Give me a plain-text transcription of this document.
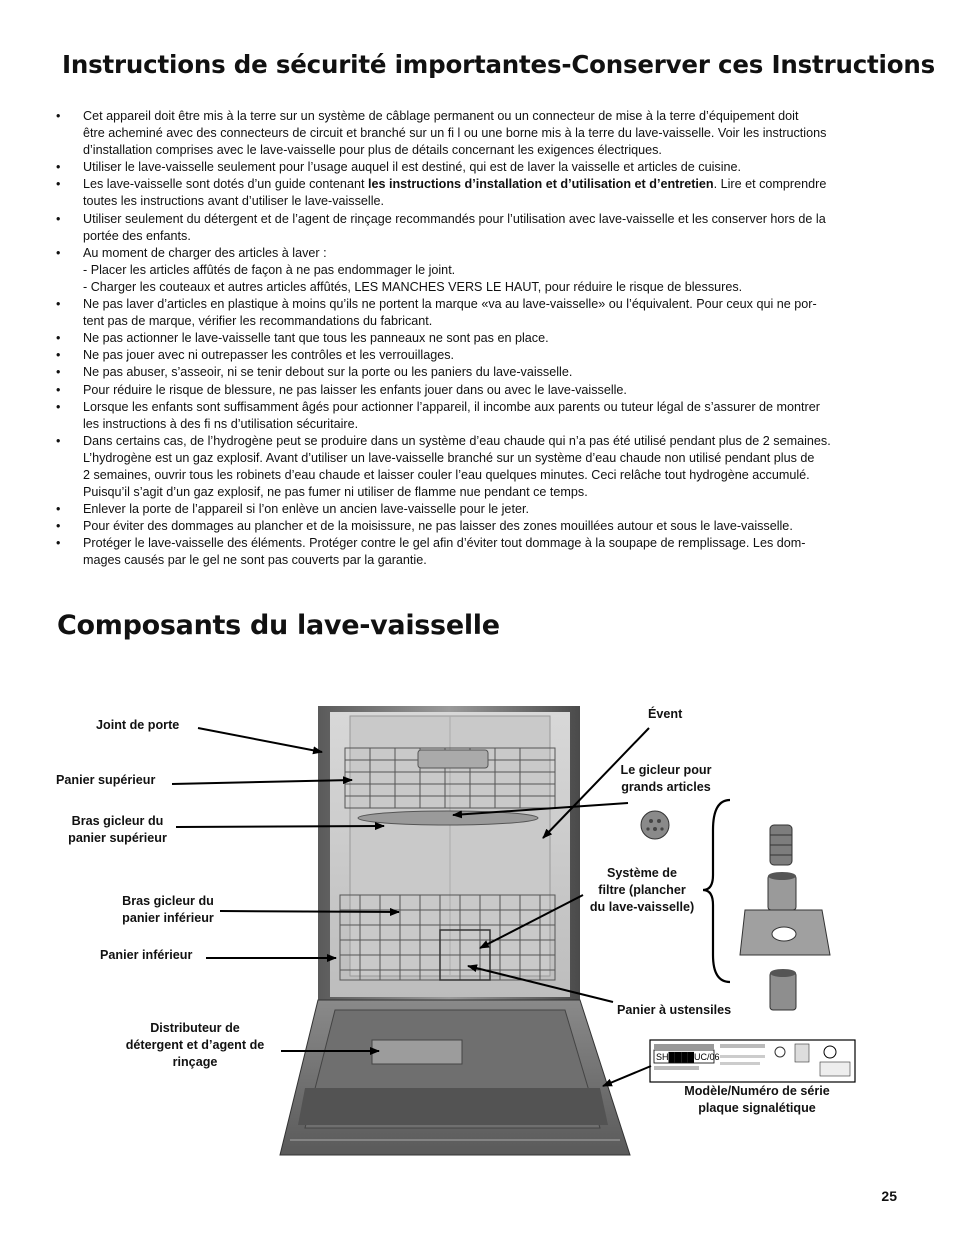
Instructions de sécurité importantes-Conserver ces Instructions
• Cet appareil doit être mis à la terre sur un système de câblage permanent ou un connecteur de mise à la terre d’équipement doit
être acheminé avec des connecteurs de circuit et branché sur un fi l ou une borne mis à la terre du lave-vaisselle. Voir les instructions
d’installation comprises avec le lave-vaisselle pour plus de détails concernant les exigences électriques.
• Utiliser le lave-vaisselle seulement pour l’usage auquel il est destiné, qui est de laver la vaisselle et articles de cuisine.
• Les lave-vaisselle sont dotés d’un guide contenant les instructions d’installation et d’utilisation et d’entretien. Lire et comprendre
toutes les instructions avant d’utiliser le lave-vaisselle.
• Utiliser seulement du détergent et de l’agent de rinçage recommandés pour l’utilisation avec lave-vaisselle et les conserver hors de la
portée des enfants.
• Au moment de charger des articles à laver :
- Placer les articles affûtés de façon à ne pas endommager le joint.
- Charger les couteaux et autres articles affûtés, LES MANCHES VERS LE HAUT, pour réduire le risque de blessures.
• Ne pas laver d’articles en plastique à moins qu’ils ne portent la marque «va au lave-vaisselle» ou l’équivalent. Pour ceux qui ne por-
tent pas de marque, vérifier les recommandations du fabricant.
• Ne pas actionner le lave-vaisselle tant que tous les panneaux ne sont pas en place.
• Ne pas jouer avec ni outrepasser les contrôles et les verrouillages.
• Ne pas abuser, s’asseoir, ni se tenir debout sur la porte ou les paniers du lave-vaisselle.
• Pour réduire le risque de blessure, ne pas laisser les enfants jouer dans ou avec le lave-vaisselle.
• Lorsque les enfants sont suffisamment âgés pour actionner l’appareil, il incombe aux parents ou tuteur légal de s’assurer de montrer
les instructions à des fi ns d’utilisation sécuritaire.
• Dans certains cas, de l’hydrogène peut se produire dans un système d’eau chaude qui n’a pas été utilisé pendant plus de 2 semaines.
L’hydrogène est un gaz explosif. Avant d’utiliser un lave-vaisselle branché sur un système d’eau chaude non utilisé pendant plus de
2 semaines, ouvrir tous les robinets d’eau chaude et laisser couler l’eau quelques minutes. Ceci relâche tout hydrogène accumulé.
Puisqu’il s’agit d’un gaz explosif, ne pas fumer ni utiliser de flamme nue pendant ce temps.
• Enlever la porte de l’appareil si l’on enlève un ancien lave-vaisselle pour le jeter.
• Pour éviter des dommages au plancher et de la moisissure, ne pas laisser des zones mouillées autour et sous le lave-vaisselle.
• Protéger le lave-vaisselle des éléments. Protéger contre le gel afin d’éviter tout dommage à la soupape de remplissage. Les dom-
mages causés par le gel ne sont pas couverts par la garantie.
Composants du lave-vaisselle
SH████UC/06
Joint de porte
Panier supérieur
Bras gicleur du
panier supérieur
Bras gicleur du
panier inférieur
Panier inférieur
Distributeur de
détergent et d’agent de
rinçage
Évent
Le gicleur pour
grands articles
Système de
filtre (plancher
du lave-vaisselle)
Panier à ustensiles
Modèle/Numéro de série
plaque signalétique
25
